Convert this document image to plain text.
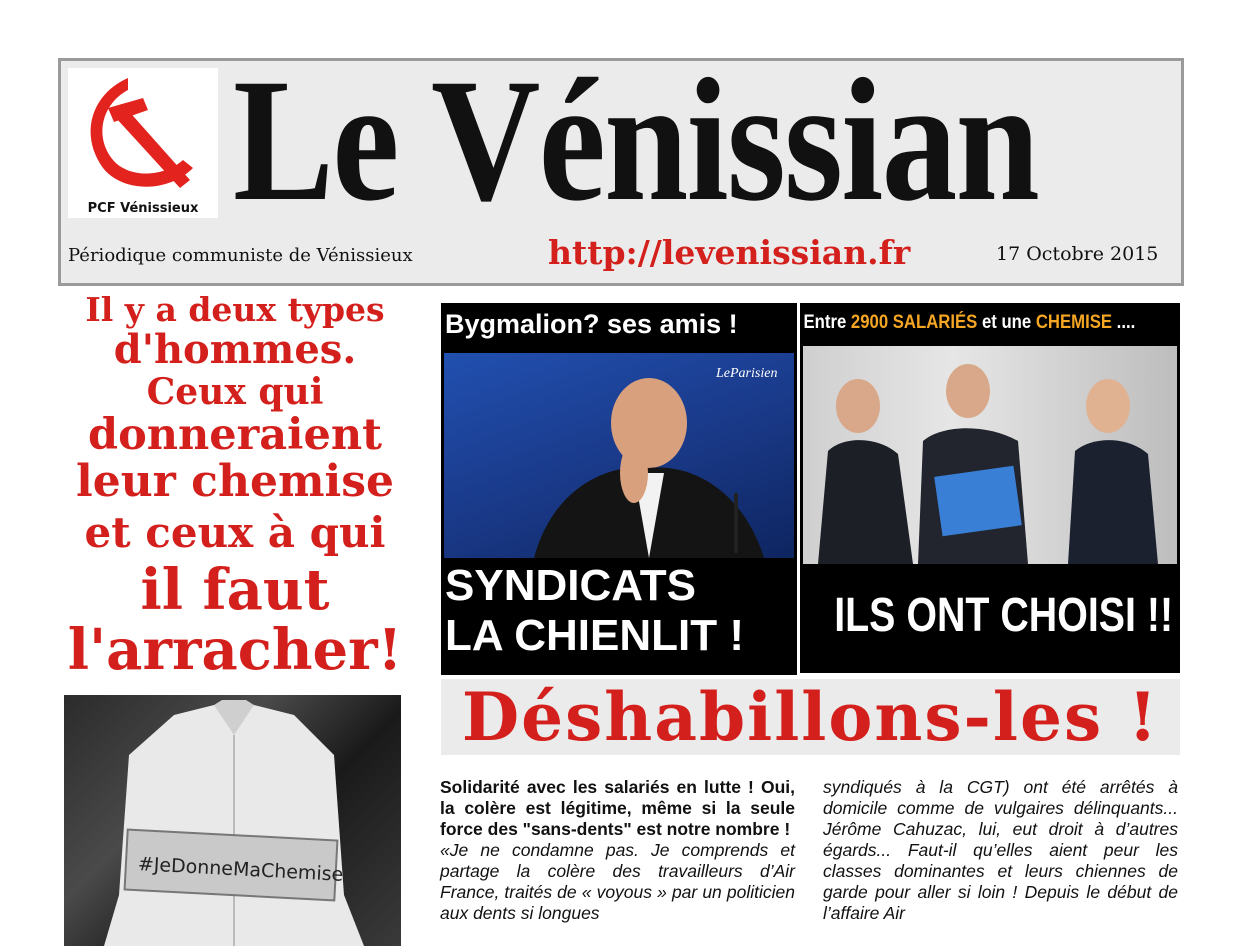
PCF Vénissieux Le Vénissian
Périodique communiste de Vénissieux	http://levenissian.fr	17 Octobre 2015
Il y a deux types
d'hommes.
Ceux qui
donneraient
leur chemise
et ceux à qui
il faut
l'arracher!
#JeDonneMaChemise
Bygmalion? ses amis !
LeParisien
SYNDICATS
LA CHIENLIT !
Entre 2900 SALARIÉS et une CHEMISE ....
ILS ONT CHOISI !!
Déshabillons-les !
Solidarité avec les salariés en lutte ! Oui, la colère est légitime, même si la seule force des "sans-dents" est notre nombre !
«Je ne condamne pas. Je comprends et partage la colère des travailleurs d’Air France, traités de « voyous » par un politicien aux dents si longues
syndiqués à la CGT) ont été arrêtés à domicile comme de vulgaires délinquants... Jérôme Cahuzac, lui, eut droit à d’autres égards... Faut-il qu’elles aient peur les classes dominantes et leurs chiennes de garde pour aller si loin ! Depuis le début de l’affaire Air
